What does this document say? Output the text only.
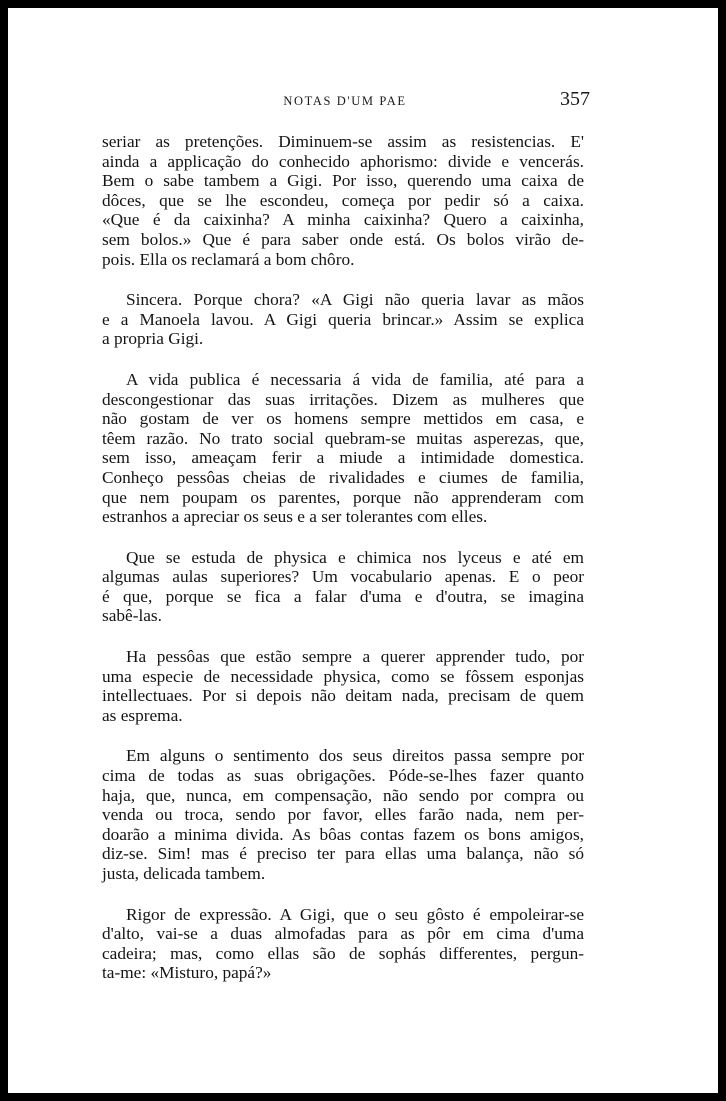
NOTAS D'UM PAE	357
seriar as pretenções. Diminuem-se assim as resistencias. E'
ainda a applicação do conhecido aphorismo: divide e vencerás.
Bem o sabe tambem a Gigi. Por isso, querendo uma caixa de
dôces, que se lhe escondeu, começa por pedir só a caixa.
«Que é da caixinha? A minha caixinha? Quero a caixinha,
sem bolos.» Que é para saber onde está. Os bolos virão de-
pois. Ella os reclamará a bom chôro.
Sincera. Porque chora? «A Gigi não queria lavar as mãos
e a Manoela lavou. A Gigi queria brincar.» Assim se explica
a propria Gigi.
A vida publica é necessaria á vida de familia, até para a
descongestionar das suas irritações. Dizem as mulheres que
não gostam de ver os homens sempre mettidos em casa, e
têem razão. No trato social quebram-se muitas asperezas, que,
sem isso, ameaçam ferir a miude a intimidade domestica.
Conheço pessôas cheias de rivalidades e ciumes de familia,
que nem poupam os parentes, porque não apprenderam com
estranhos a apreciar os seus e a ser tolerantes com elles.
Que se estuda de physica e chimica nos lyceus e até em
algumas aulas superiores? Um vocabulario apenas. E o peor
é que, porque se fica a falar d'uma e d'outra, se imagina
sabê-las.
Ha pessôas que estão sempre a querer apprender tudo, por
uma especie de necessidade physica, como se fôssem esponjas
intellectuaes. Por si depois não deitam nada, precisam de quem
as esprema.
Em alguns o sentimento dos seus direitos passa sempre por
cima de todas as suas obrigações. Póde-se-lhes fazer quanto
haja, que, nunca, em compensação, não sendo por compra ou
venda ou troca, sendo por favor, elles farão nada, nem per-
doarão a minima divida. As bôas contas fazem os bons amigos,
diz-se. Sim! mas é preciso ter para ellas uma balança, não só
justa, delicada tambem.
Rigor de expressão. A Gigi, que o seu gôsto é empoleirar-se
d'alto, vai-se a duas almofadas para as pôr em cima d'uma
cadeira; mas, como ellas são de sophás differentes, pergun-
ta-me: «Misturo, papá?»
